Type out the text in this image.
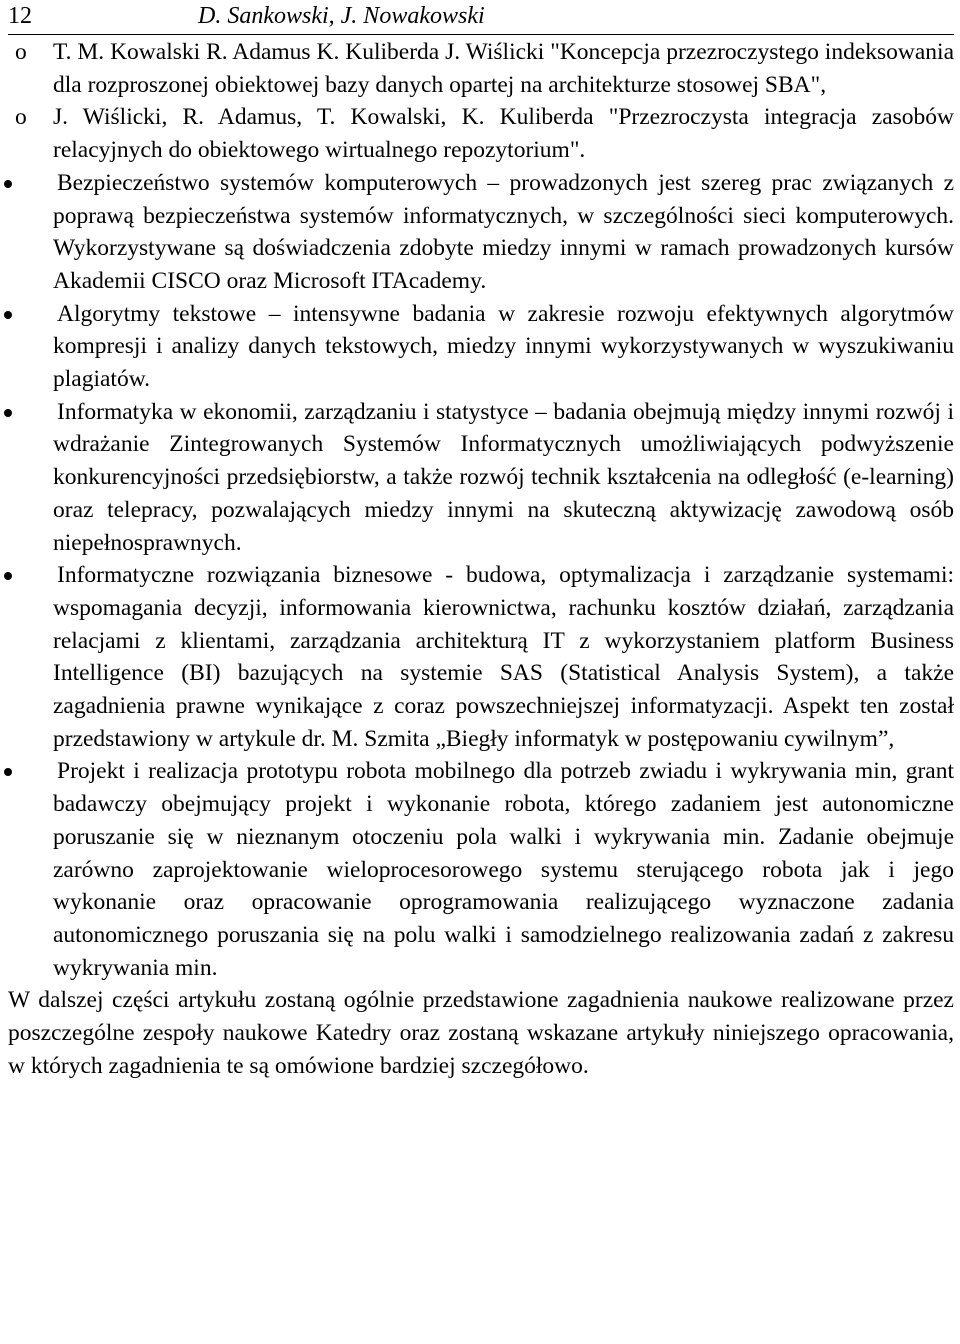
12	D. Sankowski, J. Nowakowski
o	T. M. Kowalski R. Adamus K. Kuliberda J. Wiślicki "Koncepcja przezroczystego indeksowania dla rozproszonej obiektowej bazy danych opartej na architekturze stosowej SBA",
o	J. Wiślicki, R. Adamus, T. Kowalski, K. Kuliberda "Przezroczysta integracja zasobów relacyjnych do obiektowego wirtualnego repozytorium".
Bezpieczeństwo systemów komputerowych – prowadzonych jest szereg prac związanych z poprawą bezpieczeństwa systemów informatycznych, w szczególności sieci komputerowych. Wykorzystywane są doświadczenia zdobyte miedzy innymi w ramach prowadzonych kursów Akademii CISCO oraz Microsoft ITAcademy.
Algorytmy tekstowe – intensywne badania w zakresie rozwoju efektywnych algorytmów kompresji i analizy danych tekstowych, miedzy innymi wykorzystywanych w wyszukiwaniu plagiatów.
Informatyka w ekonomii, zarządzaniu i statystyce – badania obejmują między innymi rozwój i wdrażanie Zintegrowanych Systemów Informatycznych umożliwiających podwyższenie konkurencyjności przedsiębiorstw, a także rozwój technik kształcenia na odległość (e-learning) oraz telepracy, pozwalających miedzy innymi na skuteczną aktywizację zawodową osób niepełnosprawnych.
Informatyczne rozwiązania biznesowe - budowa, optymalizacja i zarządzanie systemami: wspomagania decyzji, informowania kierownictwa, rachunku kosztów działań, zarządzania relacjami z klientami, zarządzania architekturą IT z wykorzystaniem platform Business Intelligence (BI) bazujących na systemie SAS (Statistical Analysis System), a także zagadnienia prawne wynikające z coraz powszechniejszej informatyzacji. Aspekt ten został przedstawiony w artykule dr. M. Szmita „Biegły informatyk w postępowaniu cywilnym”,
Projekt i realizacja prototypu robota mobilnego dla potrzeb zwiadu i wykrywania min, grant badawczy obejmujący projekt i wykonanie robota, którego zadaniem jest autonomiczne poruszanie się w nieznanym otoczeniu pola walki i wykrywania min. Zadanie obejmuje zarówno zaprojektowanie wieloprocesorowego systemu sterującego robota jak i jego wykonanie oraz opracowanie oprogramowania realizującego wyznaczone zadania autonomicznego poruszania się na polu walki i samodzielnego realizowania zadań z zakresu wykrywania min.

W dalszej części artykułu zostaną ogólnie przedstawione zagadnienia naukowe realizowane przez poszczególne zespoły naukowe Katedry oraz zostaną wskazane artykuły niniejszego opracowania, w których zagadnienia te są omówione bardziej szczegółowo.
